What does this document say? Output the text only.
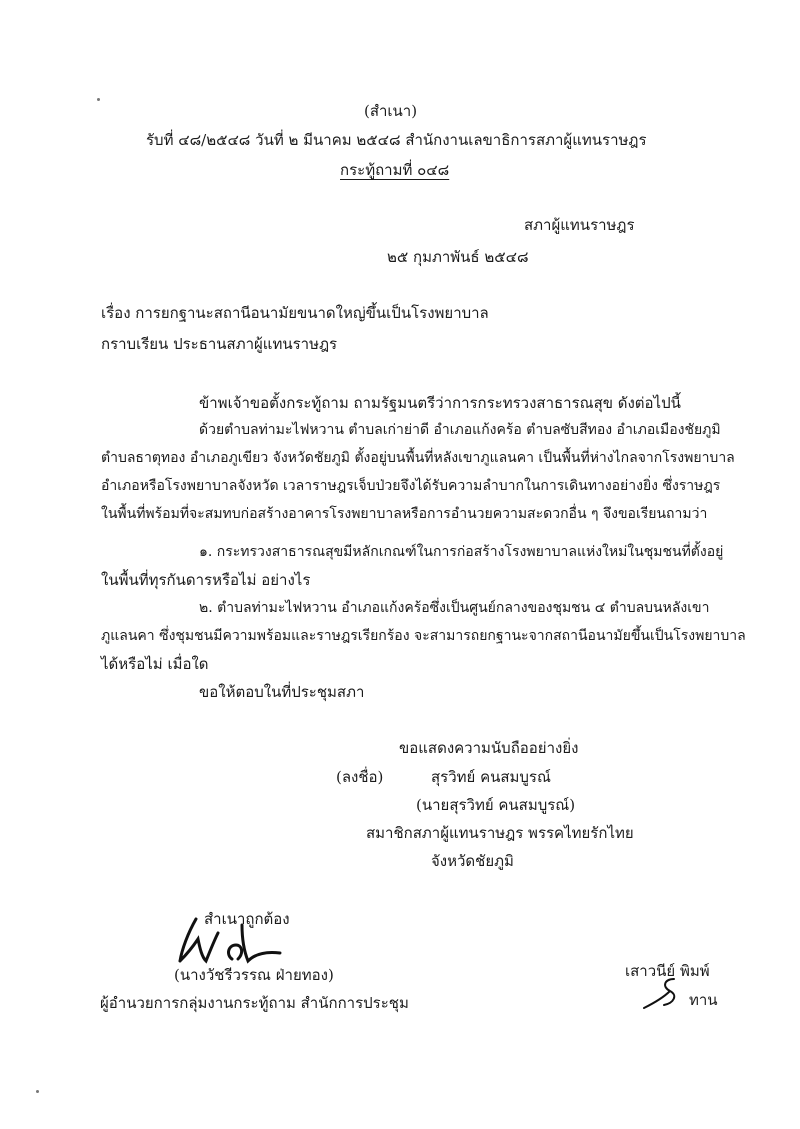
(สำเนา)
รับที่ ๔๘/๒๕๔๘ วันที่ ๒ มีนาคม ๒๕๔๘ สำนักงานเลขาธิการสภาผู้แทนราษฎร
กระทู้ถามที่ ๐๔๘
สภาผู้แทนราษฎร
๒๕ กุมภาพันธ์ ๒๕๔๘
เรื่อง การยกฐานะสถานีอนามัยขนาดใหญ่ขึ้นเป็นโรงพยาบาล
กราบเรียน ประธานสภาผู้แทนราษฎร
ข้าพเจ้าขอตั้งกระทู้ถาม ถามรัฐมนตรีว่าการกระทรวงสาธารณสุข ดังต่อไปนี้
ด้วยตำบลท่ามะไฟหวาน ตำบลเก่าย่าดี อำเภอแก้งคร้อ ตำบลซับสีทอง อำเภอเมืองชัยภูมิ
ตำบลธาตุทอง อำเภอภูเขียว จังหวัดชัยภูมิ ตั้งอยู่บนพื้นที่หลังเขาภูแลนคา เป็นพื้นที่ห่างไกลจากโรงพยาบาล
อำเภอหรือโรงพยาบาลจังหวัด เวลาราษฎรเจ็บป่วยจึงได้รับความลำบากในการเดินทางอย่างยิ่ง ซึ่งราษฎร
ในพื้นที่พร้อมที่จะสมทบก่อสร้างอาคารโรงพยาบาลหรือการอำนวยความสะดวกอื่น ๆ จึงขอเรียนถามว่า
๑. กระทรวงสาธารณสุขมีหลักเกณฑ์ในการก่อสร้างโรงพยาบาลแห่งใหม่ในชุมชนที่ตั้งอยู่
ในพื้นที่ทุรกันดารหรือไม่ อย่างไร
๒. ตำบลท่ามะไฟหวาน อำเภอแก้งคร้อซึ่งเป็นศูนย์กลางของชุมชน ๔ ตำบลบนหลังเขา
ภูแลนคา ซึ่งชุมชนมีความพร้อมและราษฎรเรียกร้อง จะสามารถยกฐานะจากสถานีอนามัยขึ้นเป็นโรงพยาบาล
ได้หรือไม่ เมื่อใด
ขอให้ตอบในที่ประชุมสภา
ขอแสดงความนับถืออย่างยิ่ง
(ลงชื่อ)	สุรวิทย์ คนสมบูรณ์
(นายสุรวิทย์ คนสมบูรณ์)
สมาชิกสภาผู้แทนราษฎร พรรคไทยรักไทย
จังหวัดชัยภูมิ
สำเนาถูกต้อง
(นางวัชรีวรรณ ฝ่ายทอง)
ผู้อำนวยการกลุ่มงานกระทู้ถาม สำนักการประชุม
เสาวนีย์ พิมพ์
ทาน
